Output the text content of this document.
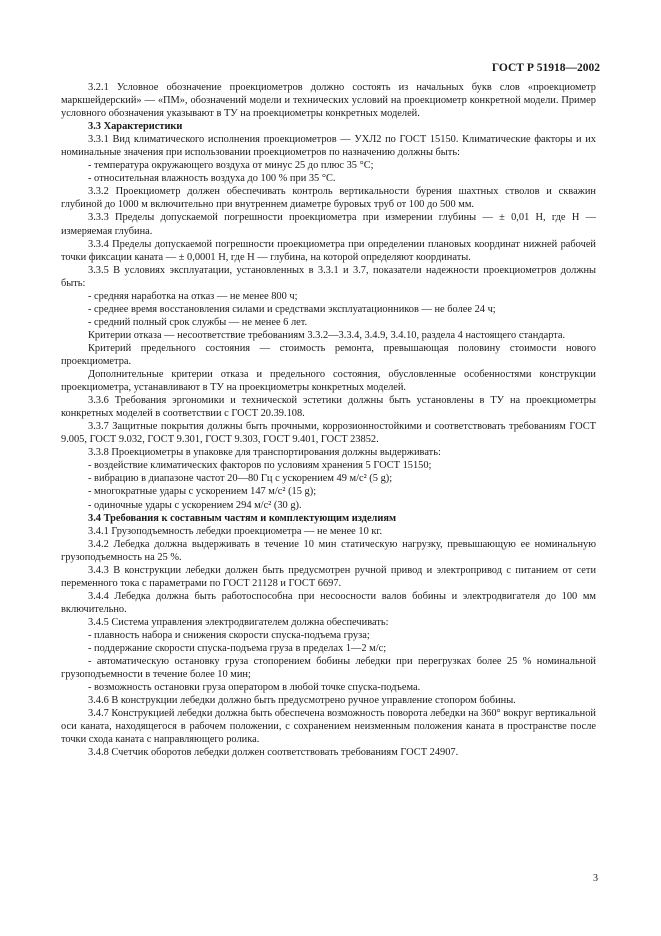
ГОСТ Р 51918—2002

3.2.1 Условное обозначение проекциометров должно состоять из начальных букв слов «проекциометр маркшейдерский» — «ПМ», обозначений модели и технических условий на проекциометр конкретной модели. Пример условного обозначения указывают в ТУ на проекциометры конкретных моделей.

3.3 Характеристики

3.3.1 Вид климатического исполнения проекциометров — УХЛ2 по ГОСТ 15150. Климатические факторы и их номинальные значения при использовании проекциометров по назначению должны быть:

- температура окружающего воздуха от минус 25 до плюс 35 °С;

- относительная влажность воздуха до 100 % при 35 °С.

3.3.2 Проекциометр должен обеспечивать контроль вертикальности бурения шахтных стволов и скважин глубиной до 1000 м включительно при внутреннем диаметре буровых труб от 100 до 500 мм.

3.3.3 Пределы допускаемой погрешности проекциометра при измерении глубины — ± 0,01 Н, где Н — измеряемая глубина.

3.3.4 Пределы допускаемой погрешности проекциометра при определении плановых координат нижней рабочей точки фиксации каната — ± 0,0001 Н, где Н — глубина, на которой определяют координаты.

3.3.5 В условиях эксплуатации, установленных в 3.3.1 и 3.7, показатели надежности проекциометров должны быть:

- средняя наработка на отказ — не менее 800 ч;

- среднее время восстановления силами и средствами эксплуатационников — не более 24 ч;

- средний полный срок службы — не менее 6 лет.

Критерии отказа — несоответствие требованиям 3.3.2—3.3.4, 3.4.9, 3.4.10, раздела 4 настоящего стандарта.

Критерий предельного состояния — стоимость ремонта, превышающая половину стоимости нового проекциометра.

Дополнительные критерии отказа и предельного состояния, обусловленные особенностями конструкции проекциометра, устанавливают в ТУ на проекциометры конкретных моделей.

3.3.6 Требования эргономики и технической эстетики должны быть установлены в ТУ на проекциометры конкретных моделей в соответствии с ГОСТ 20.39.108.

3.3.7 Защитные покрытия должны быть прочными, коррозионностойкими и соответствовать требованиям ГОСТ 9.005, ГОСТ 9.032, ГОСТ 9.301, ГОСТ 9.303, ГОСТ 9.401, ГОСТ 23852.

3.3.8 Проекциометры в упаковке для транспортирования должны выдерживать:

- воздействие климатических факторов по условиям хранения 5 ГОСТ 15150;

- вибрацию в диапазоне частот 20—80 Гц с ускорением 49 м/с² (5 g);

- многократные удары с ускорением 147 м/с² (15 g);

- одиночные удары с ускорением 294 м/с² (30 g).

3.4 Требования к составным частям и комплектующим изделиям

3.4.1 Грузоподъемность лебедки проекциометра — не менее 10 кг.

3.4.2 Лебедка должна выдерживать в течение 10 мин статическую нагрузку, превышающую ее номинальную грузоподъемность на 25 %.

3.4.3 В конструкции лебедки должен быть предусмотрен ручной привод и электропривод с питанием от сети переменного тока с параметрами по ГОСТ 21128 и ГОСТ 6697.

3.4.4 Лебедка должна быть работоспособна при несоосности валов бобины и электродвигателя до 100 мм включительно.

3.4.5 Система управления электродвигателем должна обеспечивать:

- плавность набора и снижения скорости спуска-подъема груза;

- поддержание скорости спуска-подъема груза в пределах 1—2 м/с;

- автоматическую остановку груза стопорением бобины лебедки при перегрузках более 25 % номинальной грузоподъемности в течение более 10 мин;

- возможность остановки груза оператором в любой точке спуска-подъема.

3.4.6 В конструкции лебедки должно быть предусмотрено ручное управление стопором бобины.

3.4.7 Конструкцией лебедки должна быть обеспечена возможность поворота лебедки на 360° вокруг вертикальной оси каната, находящегося в рабочем положении, с сохранением неизменным положения каната в пространстве после точки схода каната с направляющего ролика.

3.4.8 Счетчик оборотов лебедки должен соответствовать требованиям ГОСТ 24907.

3
